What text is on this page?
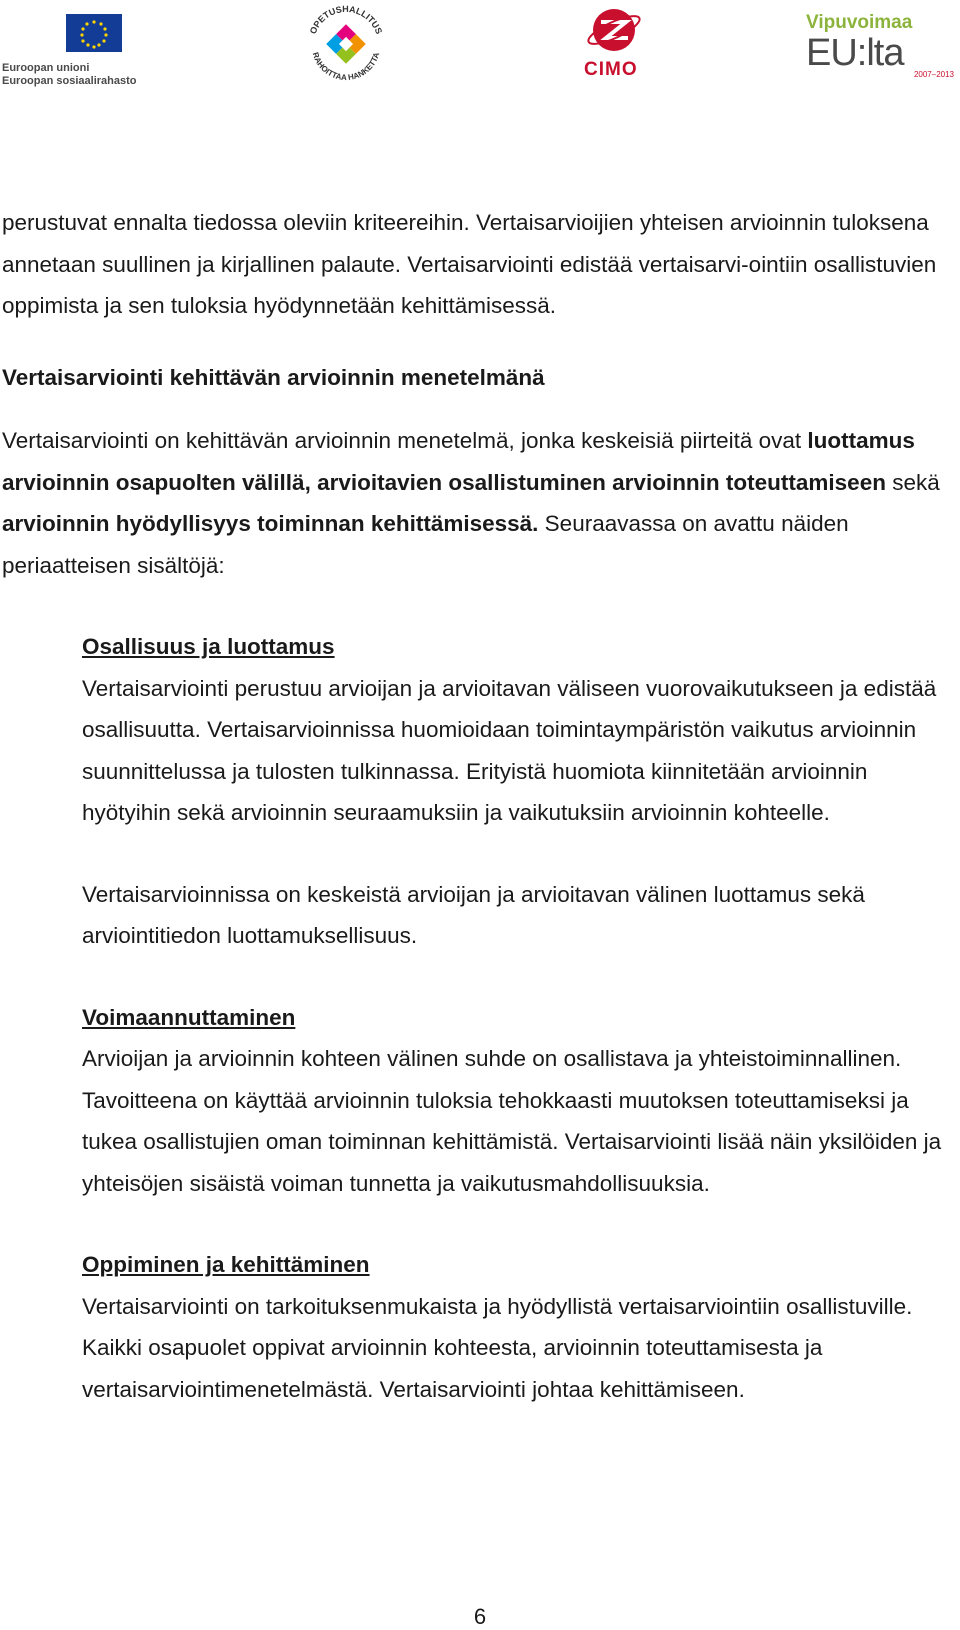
Euroopan unioni
Euroopan sosiaalirahasto
OPETUSHALLITUS
RAHOITTAA HANKETTA
CIMO
Vipuvoimaa
EU:lta
2007–2013

perustuvat ennalta tiedossa oleviin kriteereihin. Vertaisarvioijien yhteisen arvioinnin tuloksena annetaan suullinen ja kirjallinen palaute. Vertaisarviointi edistää vertaisarvi-ointiin osallistuvien oppimista ja sen tuloksia hyödynnetään kehittämisessä.

Vertaisarviointi kehittävän arvioinnin menetelmänä

Vertaisarviointi on kehittävän arvioinnin menetelmä, jonka keskeisiä piirteitä ovat luottamus arvioinnin osapuolten välillä, arvioitavien osallistuminen arvioinnin toteuttamiseen sekä arvioinnin hyödyllisyys toiminnan kehittämisessä. Seuraavassa on avattu näiden periaatteisen sisältöjä:

Osallisuus ja luottamus

Vertaisarviointi perustuu arvioijan ja arvioitavan väliseen vuorovaikutukseen ja edistää osallisuutta. Vertaisarvioinnissa huomioidaan toimintaympäristön vaikutus arvioinnin suunnittelussa ja tulosten tulkinnassa. Erityistä huomiota kiinnitetään arvioinnin hyötyihin sekä arvioinnin seuraamuksiin ja vaikutuksiin arvioinnin kohteelle.

Vertaisarvioinnissa on keskeistä arvioijan ja arvioitavan välinen luottamus sekä arviointitiedon luottamuksellisuus.

Voimaannuttaminen

Arvioijan ja arvioinnin kohteen välinen suhde on osallistava ja yhteistoiminnallinen. Tavoitteena on käyttää arvioinnin tuloksia tehokkaasti muutoksen toteuttamiseksi ja tukea osallistujien oman toiminnan kehittämistä. Vertaisarviointi lisää näin yksilöiden ja yhteisöjen sisäistä voiman tunnetta ja vaikutusmahdollisuuksia.

Oppiminen ja kehittäminen

Vertaisarviointi on tarkoituksenmukaista ja hyödyllistä vertaisarviointiin osallistuville. Kaikki osapuolet oppivat arvioinnin kohteesta, arvioinnin toteuttamisesta ja vertaisarviointimenetelmästä. Vertaisarviointi johtaa kehittämiseen.

6
